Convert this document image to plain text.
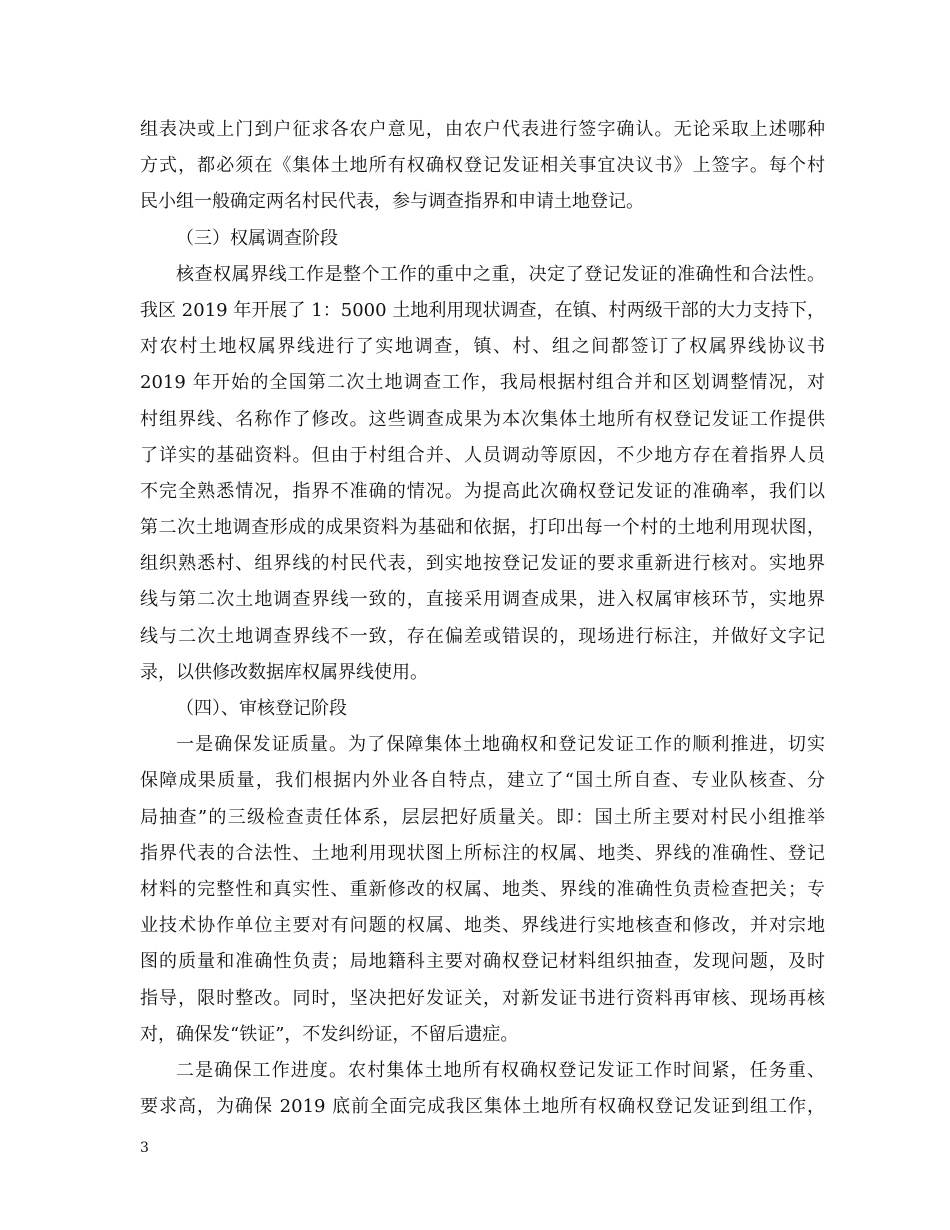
组表决或上门到户征求各农户意见，由农户代表进行签字确认。无论采取上述哪种
方式，都必须在《集体土地所有权确权登记发证相关事宜决议书》上签字。每个村
民小组一般确定两名村民代表，参与调查指界和申请土地登记。
（三）权属调查阶段
核查权属界线工作是整个工作的重中之重，决定了登记发证的准确性和合法性。
我区 2019 年开展了 1：5000 土地利用现状调查，在镇、村两级干部的大力支持下，
对农村土地权属界线进行了实地调查，镇、村、组之间都签订了权属界线协议书
2019 年开始的全国第二次土地调查工作，我局根据村组合并和区划调整情况，对
村组界线、名称作了修改。这些调查成果为本次集体土地所有权登记发证工作提供
了详实的基础资料。但由于村组合并、人员调动等原因，不少地方存在着指界人员
不完全熟悉情况，指界不准确的情况。为提高此次确权登记发证的准确率，我们以
第二次土地调查形成的成果资料为基础和依据，打印出每一个村的土地利用现状图，
组织熟悉村、组界线的村民代表，到实地按登记发证的要求重新进行核对。实地界
线与第二次土地调查界线一致的，直接采用调查成果，进入权属审核环节，实地界
线与二次土地调查界线不一致，存在偏差或错误的，现场进行标注，并做好文字记
录，以供修改数据库权属界线使用。
（四）、审核登记阶段
一是确保发证质量。为了保障集体土地确权和登记发证工作的顺利推进，切实
保障成果质量，我们根据内外业各自特点，建立了“国土所自查、专业队核查、分
局抽查”的三级检查责任体系，层层把好质量关。即：国土所主要对村民小组推举
指界代表的合法性、土地利用现状图上所标注的权属、地类、界线的准确性、登记
材料的完整性和真实性、重新修改的权属、地类、界线的准确性负责检查把关；专
业技术协作单位主要对有问题的权属、地类、界线进行实地核查和修改，并对宗地
图的质量和准确性负责；局地籍科主要对确权登记材料组织抽查，发现问题，及时
指导，限时整改。同时，坚决把好发证关，对新发证书进行资料再审核、现场再核
对，确保发“铁证”，不发纠纷证，不留后遗症。
二是确保工作进度。农村集体土地所有权确权登记发证工作时间紧，任务重、
要求高，为确保 2019 底前全面完成我区集体土地所有权确权登记发证到组工作，
3
